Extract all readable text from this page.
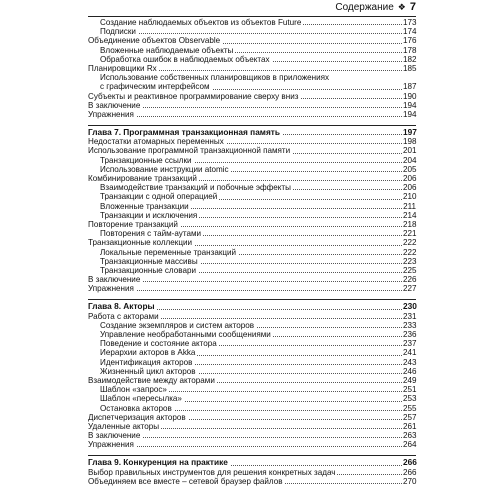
Содержание ❖ 7
Создание наблюдаемых объектов из объектов Future	173
Подписки	174
Объединение объектов Observable	176
Вложенные наблюдаемые объекты	178
Обработка ошибок в наблюдаемых объектах	182
Планировщики Rx	185
Использование собственных планировщиков в приложениях
с графическим интерфейсом	187
Субъекты и реактивное программирование сверху вниз	190
В заключение	194
Упражнения	194
Глава 7. Программная транзакционная память	197
Недостатки атомарных переменных	198
Использование программной транзакционной памяти	201
Транзакционные ссылки	204
Использование инструкции atomic	205
Комбинирование транзакций	206
Взаимодействие транзакций и побочные эффекты	206
Транзакции с одной операцией	210
Вложенные транзакции	211
Транзакции и исключения	214
Повторение транзакций	218
Повторения с тайм-аутами	221
Транзакционные коллекции	222
Локальные переменные транзакций	222
Транзакционные массивы	223
Транзакционные словари	225
В заключение	226
Упражнения	227
Глава 8. Акторы	230
Работа с акторами	231
Создание экземпляров и систем акторов	233
Управление необработанными сообщениями	236
Поведение и состояние актора	237
Иерархии акторов в Akka	241
Идентификация акторов	243
Жизненный цикл акторов	246
Взаимодействие между акторами	249
Шаблон «запрос»	251
Шаблон «пересылка»	253
Остановка акторов	255
Диспетчеризация акторов	257
Удаленные акторы	261
В заключение	263
Упражнения	264
Глава 9. Конкуренция на практике	266
Выбор правильных инструментов для решения конкретных задач	266
Объединяем все вместе – сетевой браузер файлов	270
